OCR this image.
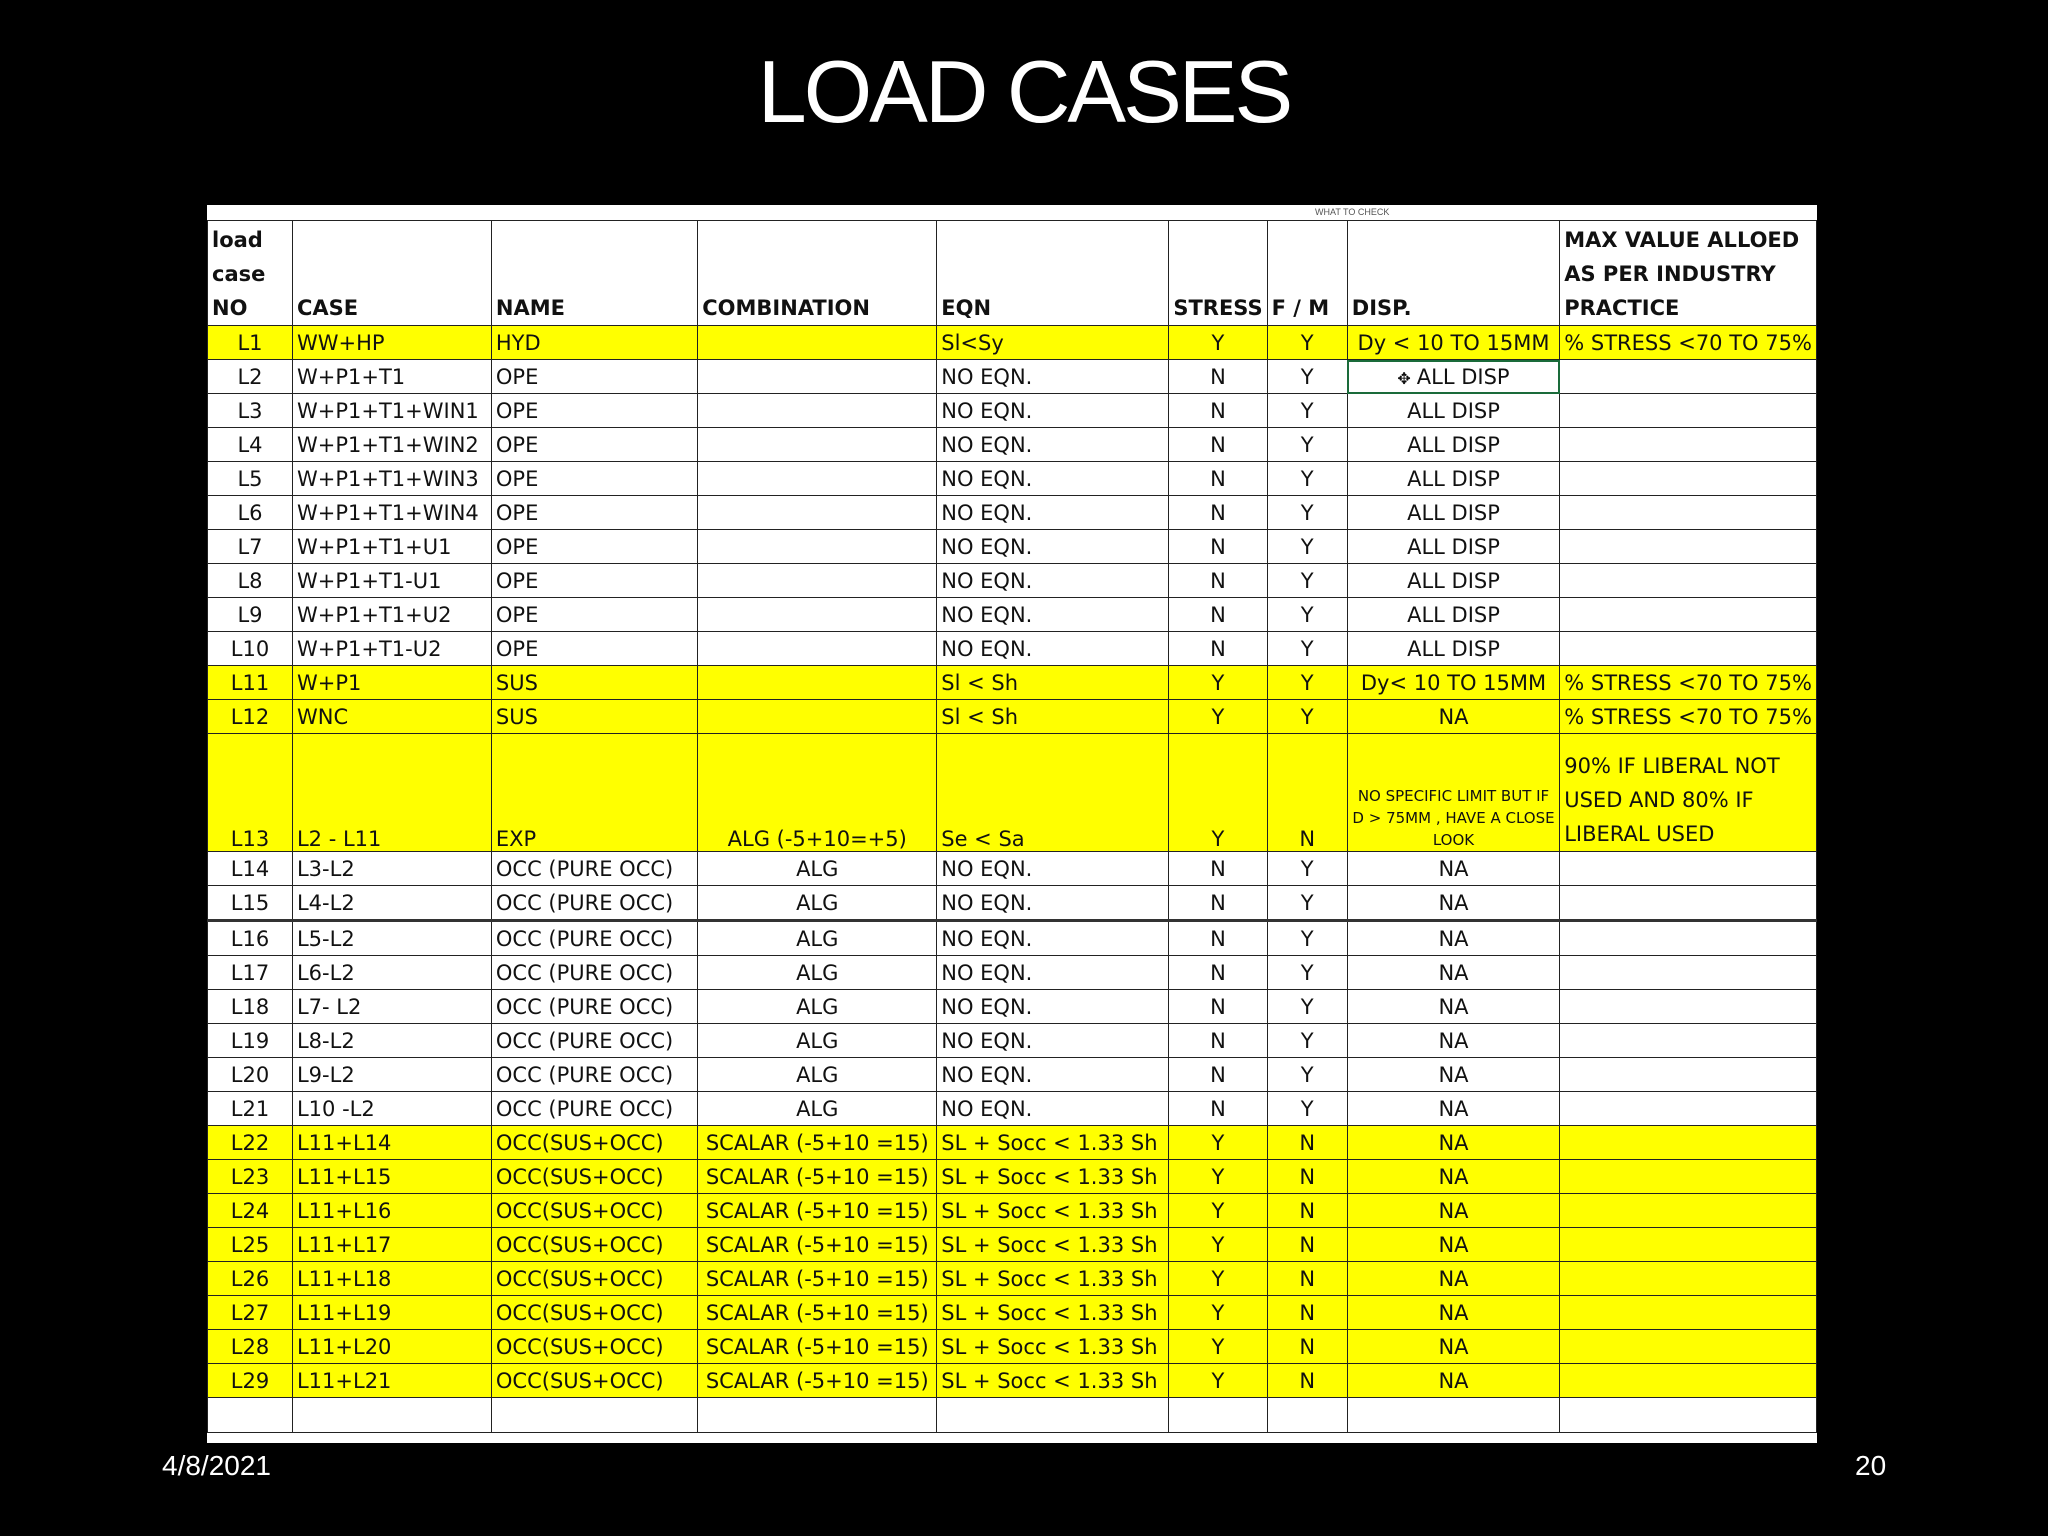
LOAD CASES
WHAT TO CHECK
load case NO	CASE	NAME	COMBINATION	EQN	STRESS	F / M	DISP.	MAX VALUE ALLOED AS PER INDUSTRY PRACTICE
L1	WW+HP	HYD		Sl<Sy	Y	Y	Dy < 10 TO 15MM	% STRESS <70 TO 75%
L2	W+P1+T1	OPE		NO EQN.	N	Y	✥ ALL DISP	
L3	W+P1+T1+WIN1	OPE		NO EQN.	N	Y	ALL DISP	
L4	W+P1+T1+WIN2	OPE		NO EQN.	N	Y	ALL DISP	
L5	W+P1+T1+WIN3	OPE		NO EQN.	N	Y	ALL DISP	
L6	W+P1+T1+WIN4	OPE		NO EQN.	N	Y	ALL DISP	
L7	W+P1+T1+U1	OPE		NO EQN.	N	Y	ALL DISP	
L8	W+P1+T1-U1	OPE		NO EQN.	N	Y	ALL DISP	
L9	W+P1+T1+U2	OPE		NO EQN.	N	Y	ALL DISP	
L10	W+P1+T1-U2	OPE		NO EQN.	N	Y	ALL DISP	
L11	W+P1	SUS		Sl < Sh	Y	Y	Dy< 10 TO 15MM	% STRESS <70 TO 75%
L12	WNC	SUS		Sl < Sh	Y	Y	NA	% STRESS <70 TO 75%
L13	L2 - L11	EXP	ALG (-5+10=+5)	Se < Sa	Y	N	NO SPECIFIC LIMIT BUT IF D > 75MM , HAVE A CLOSE LOOK	90% IF LIBERAL NOT USED AND 80% IF LIBERAL USED
L14	L3-L2	OCC (PURE OCC)	ALG	NO EQN.	N	Y	NA	
L15	L4-L2	OCC (PURE OCC)	ALG	NO EQN.	N	Y	NA	
L16	L5-L2	OCC (PURE OCC)	ALG	NO EQN.	N	Y	NA	
L17	L6-L2	OCC (PURE OCC)	ALG	NO EQN.	N	Y	NA	
L18	L7- L2	OCC (PURE OCC)	ALG	NO EQN.	N	Y	NA	
L19	L8-L2	OCC (PURE OCC)	ALG	NO EQN.	N	Y	NA	
L20	L9-L2	OCC (PURE OCC)	ALG	NO EQN.	N	Y	NA	
L21	L10 -L2	OCC (PURE OCC)	ALG	NO EQN.	N	Y	NA	
L22	L11+L14	OCC(SUS+OCC)	SCALAR (-5+10 =15)	SL + Socc < 1.33 Sh	Y	N	NA	
L23	L11+L15	OCC(SUS+OCC)	SCALAR (-5+10 =15)	SL + Socc < 1.33 Sh	Y	N	NA	
L24	L11+L16	OCC(SUS+OCC)	SCALAR (-5+10 =15)	SL + Socc < 1.33 Sh	Y	N	NA	
L25	L11+L17	OCC(SUS+OCC)	SCALAR (-5+10 =15)	SL + Socc < 1.33 Sh	Y	N	NA	
L26	L11+L18	OCC(SUS+OCC)	SCALAR (-5+10 =15)	SL + Socc < 1.33 Sh	Y	N	NA	
L27	L11+L19	OCC(SUS+OCC)	SCALAR (-5+10 =15)	SL + Socc < 1.33 Sh	Y	N	NA	
L28	L11+L20	OCC(SUS+OCC)	SCALAR (-5+10 =15)	SL + Socc < 1.33 Sh	Y	N	NA	
L29	L11+L21	OCC(SUS+OCC)	SCALAR (-5+10 =15)	SL + Socc < 1.33 Sh	Y	N	NA	

4/8/2021	20
